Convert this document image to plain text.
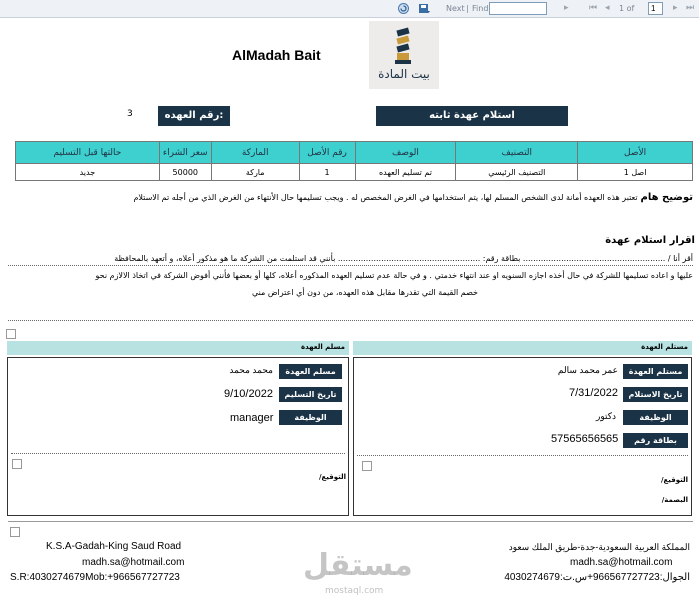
Next | Find	▸ ⏮ ◂ 1 of
1	▸ ⏭
AlMadah Bait
بيت المادة
3	رقم العهده:	استلام عهدة ثابته
الأصل	التصنيف	الوصف	رقم الأصل	الماركة	سعر الشراء	حالتها قبل التسليم
اصل 1	التصنيف الرئيسي	تم تسليم العهده	1	ماركة	50000	جديد
توضيح هام تعتبر هذه العهده أمانة لدى الشخص المسلم لها، يتم استخدامها في الغرض المخصص له . ويجب تسليمها حال الأنتهاء من الغرض الذي من أجله تم الاستلام
اقرار استلام عهدة
أقر أنا / ........................................................ بطاقة رقم: ........................................................ بأنني قد استلمت من الشركة ما هو مذكور أعلاه، و أتعهد بالمحافظة
عليها و اعاده تسليمها للشركة في حال أخذه اجازه السنويه او عند انتهاء خدمتي . و في حالة عدم تسليم العهده المذكوره أعلاه، كلها أو بعضها فأنني أفوض الشركة في اتخاذ الالازم نحو
خصم القيمة التي تقدرها مقابل هذه العهده، من دون أي اعتراض مني
مستلم العهدة
مسلم العهدة
مستلم العهدة
عمر محمد سالم
تاريخ الاستلام
7/31/2022
الوظيفة
دكتور
بطاقة رقم
57565656565
التوقيع/
البصمة/
مسلم العهدة
محمد محمد
تاريخ التسليم
9/10/2022
الوظيفة
manager
التوقيع/
K.S.A-Gadah-King Saud Road
madh.sa@hotmail.com
S.R:4030274679Mob:+966567727723
المملكة العربية السعودية-جدة-طريق الملك سعود
madh.sa@hotmail.com
الجوال:966567727723+س.ت:4030274679
مستقل
mostaql.com
